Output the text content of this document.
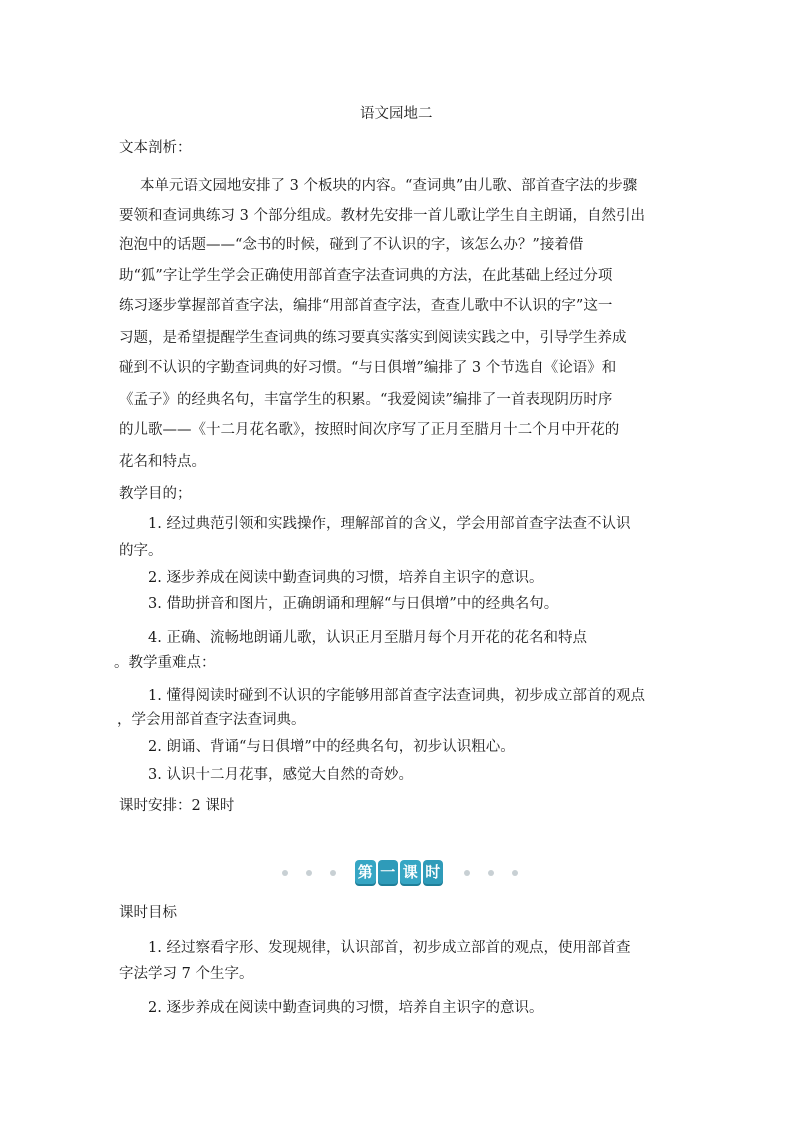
语文园地二
文本剖析：
本单元语文园地安排了 3 个板块的内容。“查词典”由儿歌、部首查字法的步骤
要领和查词典练习 3 个部分组成。教材先安排一首儿歌让学生自主朗诵，自然引出
泡泡中的话题——“念书的时候，碰到了不认识的字，该怎么办？”接着借
助“狐”字让学生学会正确使用部首查字法查词典的方法，在此基础上经过分项
练习逐步掌握部首查字法，编排“用部首查字法，查查儿歌中不认识的字”这一
习题，是希望提醒学生查词典的练习要真实落实到阅读实践之中，引导学生养成
碰到不认识的字勤查词典的好习惯。“与日俱增”编排了 3 个节选自《论语》和
《孟子》的经典名句，丰富学生的积累。“我爱阅读”编排了一首表现阴历时序
的儿歌——《十二月花名歌》，按照时间次序写了正月至腊月十二个月中开花的
花名和特点。
教学目的；
1. 经过典范引领和实践操作，理解部首的含义，学会用部首查字法查不认识
的字。
2. 逐步养成在阅读中勤查词典的习惯，培养自主识字的意识。
3. 借助拼音和图片，正确朗诵和理解“与日俱增”中的经典名句。
4. 正确、流畅地朗诵儿歌，认识正月至腊月每个月开花的花名和特点
。教学重难点：
1. 懂得阅读时碰到不认识的字能够用部首查字法查词典，初步成立部首的观点
，学会用部首查字法查词典。
2. 朗诵、背诵“与日俱增”中的经典名句，初步认识粗心。
3. 认识十二月花事，感觉大自然的奇妙。
课时安排：2 课时
第 一 课 时
课时目标
1. 经过察看字形、发现规律，认识部首，初步成立部首的观点，使用部首查
字法学习 7 个生字。
2. 逐步养成在阅读中勤查词典的习惯，培养自主识字的意识。
